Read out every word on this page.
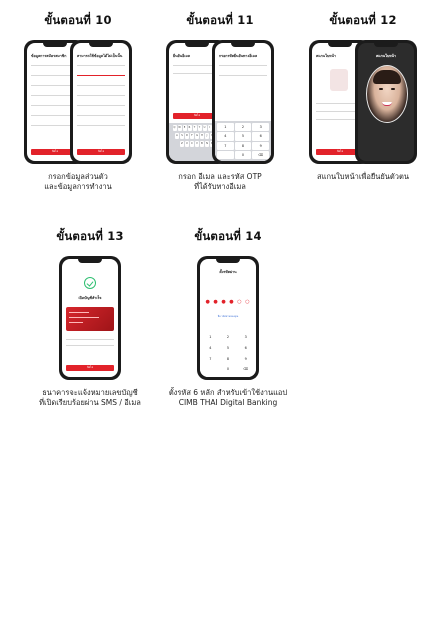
ขั้นตอนที่ 10
ข้อมูลการสมัครสมาชิก
ถัดไป
สามารถใช้ข้อมูลได้ไม่เป็นนั้น
ถัดไป
กรอกข้อมูลส่วนตัว
และข้อมูลการทำงาน
ขั้นตอนที่ 11
ยืนยันอีเมล
ถัดไป
Q	W	E	R	T	Y	U	I
A	S	D	F	G	H	J
Z	X	C	V	B	N
กรอกรหัสยืนยันทางอีเมล
1	2	3
4	5	6
7	8	9
0	⌫
กรอก อีเมล และรหัส OTP
ที่ได้รับทางอีเมล
ขั้นตอนที่ 12
สแกนใบหน้า
ถัดไป
สแกนใบหน้า
สแกนใบหน้าเพื่อยืนยันตัวตน
ขั้นตอนที่ 13
เปิดบัญชีสำเร็จ
ถัดไป
ธนาคารจะแจ้งหมายเลขบัญชี
ที่เปิดเรียบร้อยผ่าน SMS / อีเมล
ขั้นตอนที่ 14
ตั้งรหัสผ่าน
● ● ● ● ○ ○
ลืม รหัสผ่านของคุณ
1	2	3
4	5	6
7	8	9
0	⌫
ตั้งรหัส 6 หลัก สำหรับเข้าใช้งานแอป
CIMB THAI Digital Banking
